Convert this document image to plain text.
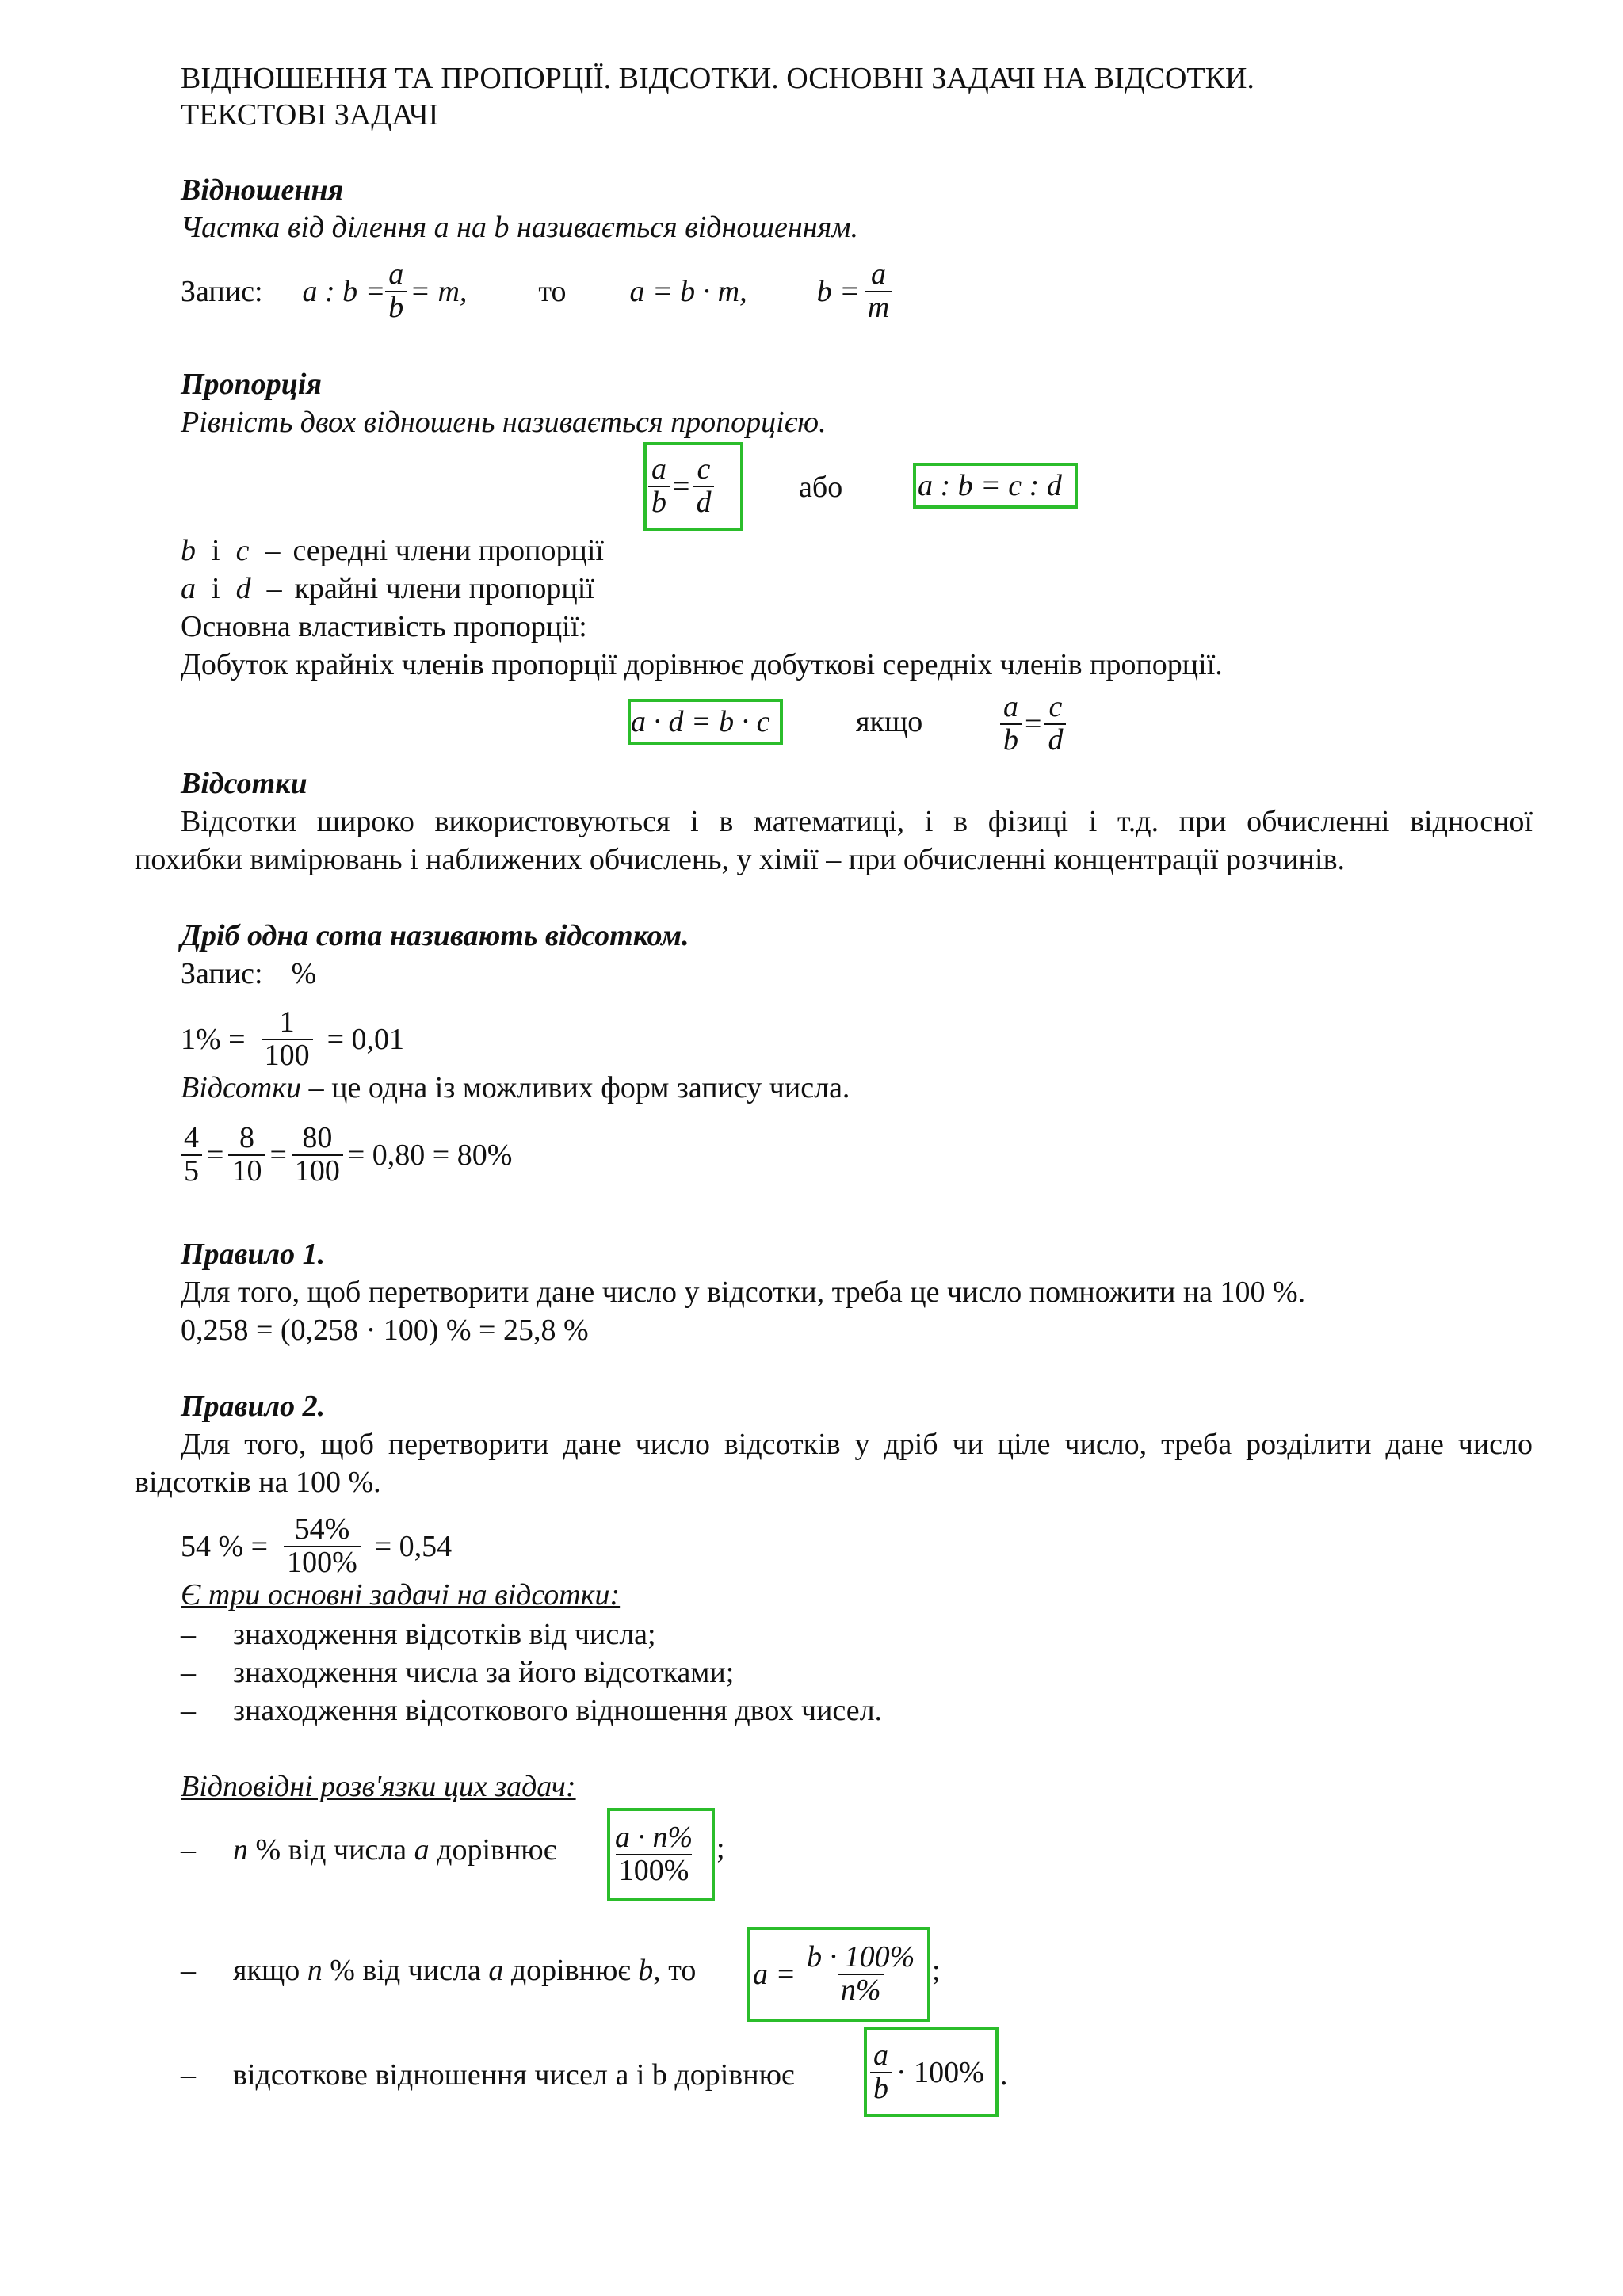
ВІДНОШЕННЯ ТА ПРОПОРЦІЇ. ВІДСОТКИ. ОСНОВНІ ЗАДАЧІ НА ВІДСОТКИ.
ТЕКСТОВІ ЗАДАЧІ
Відношення
Частка від ділення a на b називається відношенням.
Запис: a : $b = \frac{a}{b} = m$, то a = b · m, $b = \frac{a}{m}$
Пропорція
Рівність двох відношень називається пропорцією.
$\frac{a}{b} = \frac{c}{d}$	або a : b = c : d
b і c – середні члени пропорції
a і d – крайні члени пропорції
Основна властивість пропорції:
Добуток крайніх членів пропорції дорівнює добуткові середніх членів пропорції.
a · d = b · c	якщо	$\frac{a}{b} = \frac{c}{d}$
Відсотки
Відсотки широко використовуються і в математиці, і в фізиці і т.д. при обчисленні відносної
похибки вимірювань і наближених обчислень, у хімії – при обчисленні концентрації розчинів.
Дріб одна сота називають відсотком.
Запис: %
$1\% = \frac{1}{100} = 0,01$
Відсотки – це одна із можливих форм запису числа.
$\frac{4}{5} = \frac{8}{10} = \frac{80}{100} = 0,80 = 80\%$
Правило 1.
Для того, щоб перетворити дане число у відсотки, треба це число помножити на 100 %.
0,258 = (0,258 · 100) % = 25,8 %
Правило 2.
Для того, щоб перетворити дане число відсотків у дріб чи ціле число, треба розділити дане число
відсотків на 100 %.
54 % = $\frac{54\%}{100\%} = 0,54$
Є три основні задачі на відсотки:
–	знаходження відсотків від числа;
–	знаходження числа за його відсотками;
–	знаходження відсоткового відношення двох чисел.
Відповідні розв'язки цих задач:
–	n % від числа a дорівнює $\frac{a \cdot n\%}{100\%}$ ;
–	якщо n % від числа a дорівнює b , то $a = \frac{b \cdot 100\%}{n\%}$ ;
–	відсоткове відношення чисел a і b дорівнює	$\frac{a}{b} \cdot 100\%$ .
